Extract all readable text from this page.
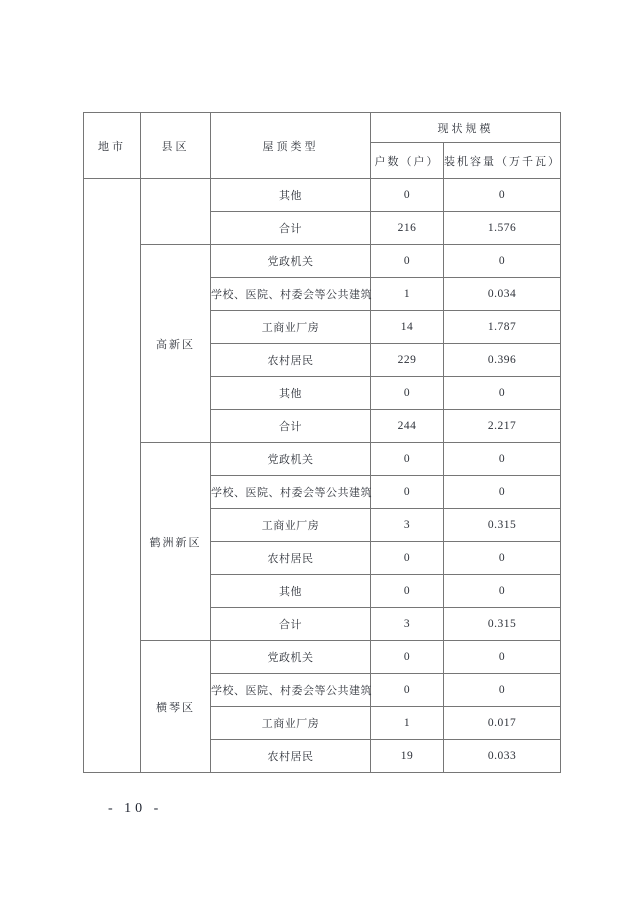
地市	县区	屋顶类型	现状规模	
			户数（户）	装机容量（万千瓦）
		其他	0	0
		合计	216	1.576
	高新区	党政机关	0	0
		学校、医院、村委会等公共建筑	1	0.034
		工商业厂房	14	1.787
		农村居民	229	0.396
		其他	0	0
		合计	244	2.217
	鹤洲新区	党政机关	0	0
		学校、医院、村委会等公共建筑	0	0
		工商业厂房	3	0.315
		农村居民	0	0
		其他	0	0
		合计	3	0.315
	横琴区	党政机关	0	0
		学校、医院、村委会等公共建筑	0	0
		工商业厂房	1	0.017
		农村居民	19	0.033
- 10 -
